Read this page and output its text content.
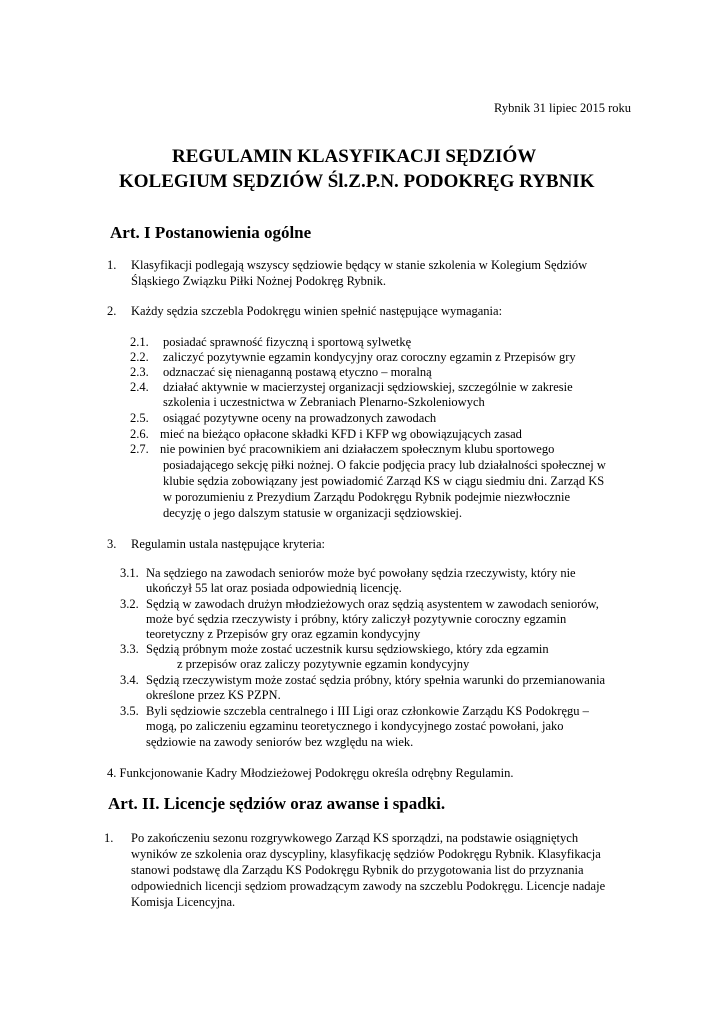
Rybnik 31 lipiec 2015 roku
REGULAMIN KLASYFIKACJI SĘDZIÓW
KOLEGIUM SĘDZIÓW Śl.Z.P.N. PODOKRĘG RYBNIK
Art. I Postanowienia ogólne
1. Klasyfikacji podlegają wszyscy sędziowie będący w stanie szkolenia w Kolegium Sędziów
Śląskiego Związku Piłki Nożnej Podokręg Rybnik.
2. Każdy sędzia szczebla Podokręgu winien spełnić następujące wymagania:
2.1. posiadać sprawność fizyczną i sportową sylwetkę
2.2. zaliczyć pozytywnie egzamin kondycyjny oraz coroczny egzamin z Przepisów gry
2.3. odznaczać się nienaganną postawą etyczno – moralną
2.4. działać aktywnie w macierzystej organizacji sędziowskiej, szczególnie w zakresie
szkolenia i uczestnictwa w Zebraniach Plenarno-Szkoleniowych
2.5. osiągać pozytywne oceny na prowadzonych zawodach
2.6. mieć na bieżąco opłacone składki KFD i KFP wg obowiązujących zasad
2.7. nie powinien być pracownikiem ani działaczem społecznym klubu sportowego
posiadającego sekcję piłki nożnej. O fakcie podjęcia pracy lub działalności społecznej w
klubie sędzia zobowiązany jest powiadomić Zarząd KS w ciągu siedmiu dni. Zarząd KS
w porozumieniu z Prezydium Zarządu Podokręgu Rybnik podejmie niezwłocznie
decyzję o jego dalszym statusie w organizacji sędziowskiej.
3. Regulamin ustala następujące kryteria:
3.1. Na sędziego na zawodach seniorów może być powołany sędzia rzeczywisty, który nie
ukończył 55 lat oraz posiada odpowiednią licencję.
3.2. Sędzią w zawodach drużyn młodzieżowych oraz sędzią asystentem w zawodach seniorów,
może być sędzia rzeczywisty i próbny, który zaliczył pozytywnie coroczny egzamin
teoretyczny z Przepisów gry oraz egzamin kondycyjny
3.3. Sędzią próbnym może zostać uczestnik kursu sędziowskiego, który zda egzamin
z przepisów oraz zaliczy pozytywnie egzamin kondycyjny
3.4. Sędzią rzeczywistym może zostać sędzia próbny, który spełnia warunki do przemianowania
określone przez KS PZPN.
3.5. Byli sędziowie szczebla centralnego i III Ligi oraz członkowie Zarządu KS Podokręgu –
mogą, po zaliczeniu egzaminu teoretycznego i kondycyjnego zostać powołani, jako
sędziowie na zawody seniorów bez względu na wiek.
4. Funkcjonowanie Kadry Młodzieżowej Podokręgu określa odrębny Regulamin.
Art. II. Licencje sędziów oraz awanse i spadki.
1. Po zakończeniu sezonu rozgrywkowego Zarząd KS sporządzi, na podstawie osiągniętych
wyników ze szkolenia oraz dyscypliny, klasyfikację sędziów Podokręgu Rybnik. Klasyfikacja
stanowi podstawę dla Zarządu KS Podokręgu Rybnik do przygotowania list do przyznania
odpowiednich licencji sędziom prowadzącym zawody na szczeblu Podokręgu. Licencje nadaje
Komisja Licencyjna.
